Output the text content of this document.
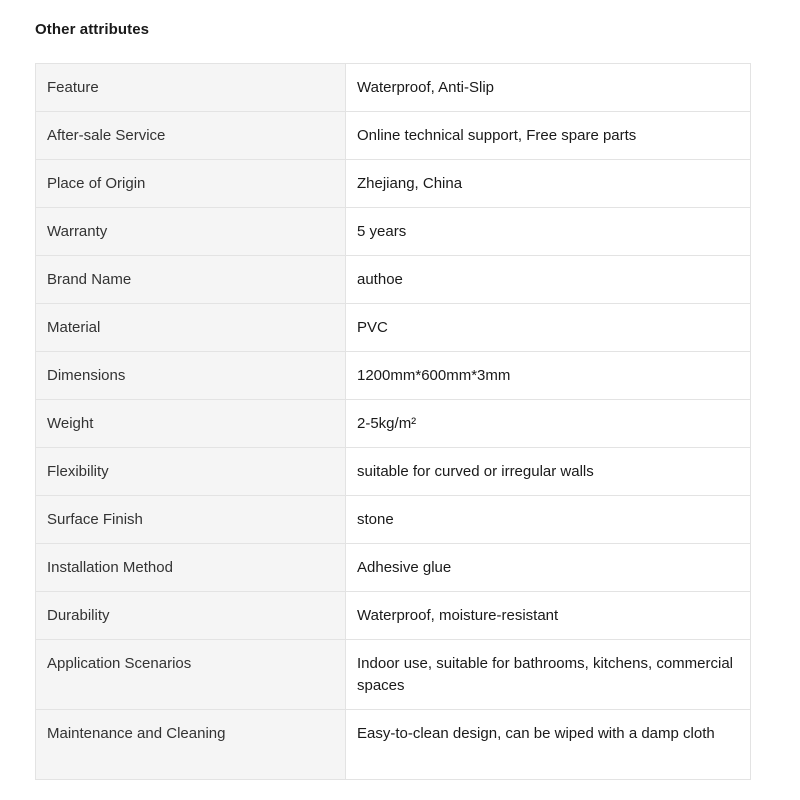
Other attributes
Feature	Waterproof, Anti-Slip
After-sale Service	Online technical support, Free spare parts
Place of Origin	Zhejiang, China
Warranty	5 years
Brand Name	authoe
Material	PVC
Dimensions	1200mm*600mm*3mm
Weight	2-5kg/m²
Flexibility	suitable for curved or irregular walls
Surface Finish	stone
Installation Method	Adhesive glue
Durability	Waterproof, moisture-resistant
Application Scenarios	Indoor use, suitable for bathrooms, kitchens, commercial spaces
Maintenance and Cleaning	Easy-to-clean design, can be wiped with a damp cloth
